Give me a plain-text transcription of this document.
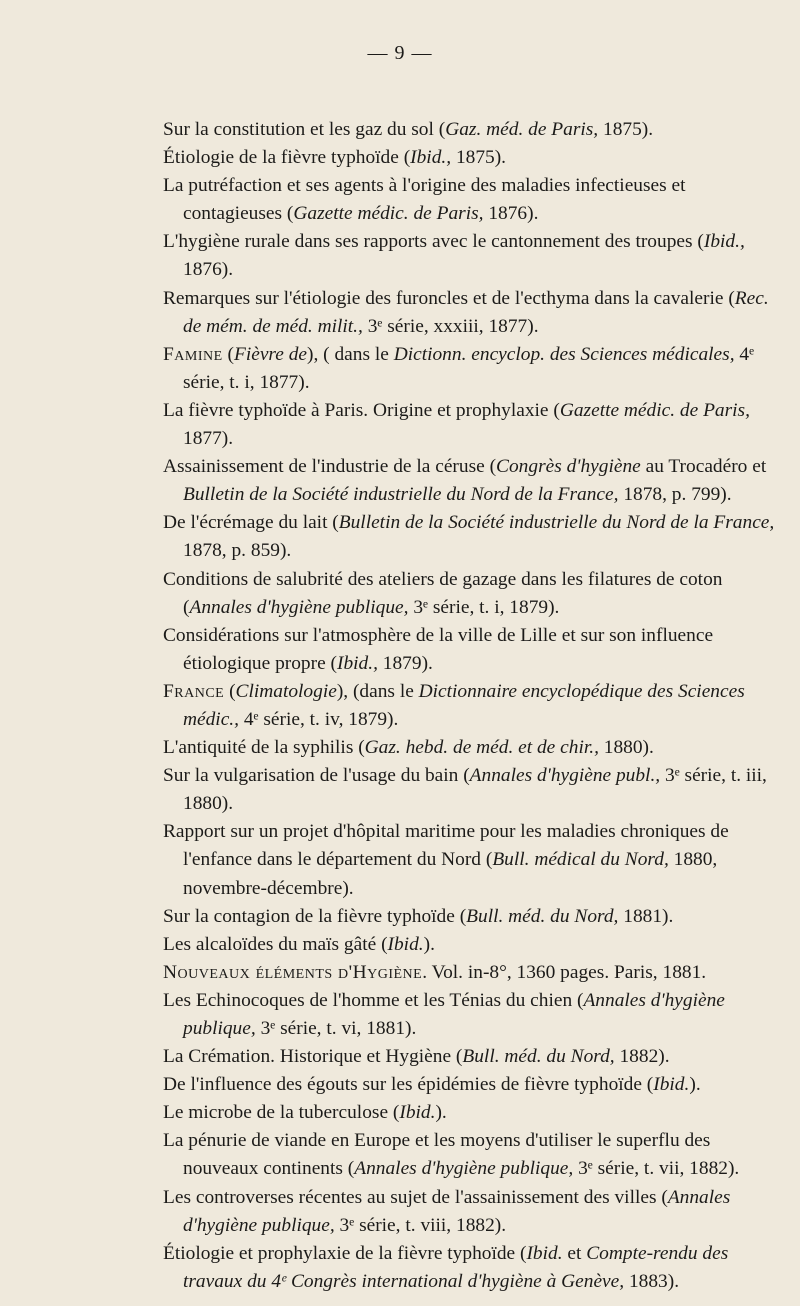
— 9 —

Sur la constitution et les gaz du sol (Gaz. méd. de Paris, 1875).

Étiologie de la fièvre typhoïde (Ibid., 1875).

La putréfaction et ses agents à l'origine des maladies infectieuses et contagieuses (Gazette médic. de Paris, 1876).

L'hygiène rurale dans ses rapports avec le cantonnement des troupes (Ibid., 1876).

Remarques sur l'étiologie des furoncles et de l'ecthyma dans la cavalerie (Rec. de mém. de méd. milit., 3ᵉ série, xxxiii, 1877).

Famine (Fièvre de), ( dans le Dictionn. encyclop. des Sciences médicales, 4ᵉ série, t. i, 1877).

La fièvre typhoïde à Paris. Origine et prophylaxie (Gazette médic. de Paris, 1877).

Assainissement de l'industrie de la céruse (Congrès d'hygiène au Trocadéro et Bulletin de la Société industrielle du Nord de la France, 1878, p. 799).

De l'écrémage du lait (Bulletin de la Société industrielle du Nord de la France, 1878, p. 859).

Conditions de salubrité des ateliers de gazage dans les filatures de coton (Annales d'hygiène publique, 3ᵉ série, t. i, 1879).

Considérations sur l'atmosphère de la ville de Lille et sur son influence étiologique propre (Ibid., 1879).

France (Climatologie), (dans le Dictionnaire encyclopédique des Sciences médic., 4ᵉ série, t. iv, 1879).

L'antiquité de la syphilis (Gaz. hebd. de méd. et de chir., 1880).

Sur la vulgarisation de l'usage du bain (Annales d'hygiène publ., 3ᵉ série, t. iii, 1880).

Rapport sur un projet d'hôpital maritime pour les maladies chroniques de l'enfance dans le département du Nord (Bull. médical du Nord, 1880, novembre-décembre).

Sur la contagion de la fièvre typhoïde (Bull. méd. du Nord, 1881).

Les alcaloïdes du maïs gâté (Ibid.).

Nouveaux éléments d'Hygiène. Vol. in-8°, 1360 pages. Paris, 1881.

Les Echinocoques de l'homme et les Ténias du chien (Annales d'hygiène publique, 3ᵉ série, t. vi, 1881).

La Crémation. Historique et Hygiène (Bull. méd. du Nord, 1882).

De l'influence des égouts sur les épidémies de fièvre typhoïde (Ibid.).

Le microbe de la tuberculose (Ibid.).

La pénurie de viande en Europe et les moyens d'utiliser le superflu des nouveaux continents (Annales d'hygiène publique, 3ᵉ série, t. vii, 1882).

Les controverses récentes au sujet de l'assainissement des villes (Annales d'hygiène publique, 3ᵉ série, t. viii, 1882).

Étiologie et prophylaxie de la fièvre typhoïde (Ibid. et Compte-rendu des travaux du 4ᵉ Congrès international d'hygiène à Genève, 1883).
